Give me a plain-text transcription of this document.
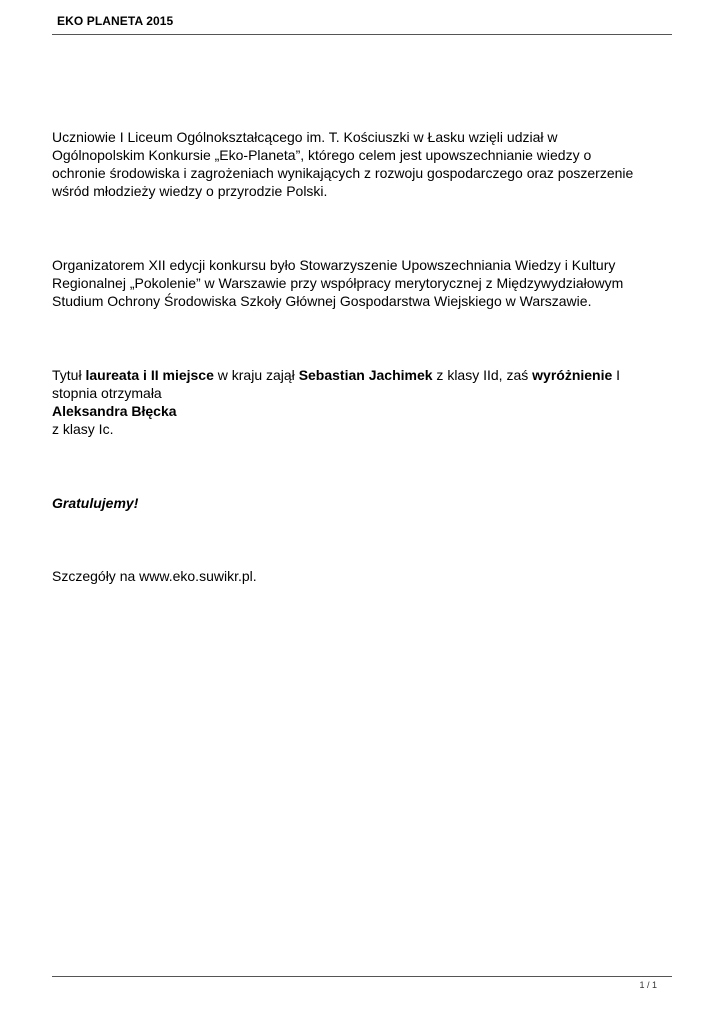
EKO PLANETA 2015

Uczniowie I Liceum Ogólnokształcącego im. T. Kościuszki w Łasku wzięli udział w
Ogólnopolskim Konkursie „Eko-Planeta”, którego celem jest upowszechnianie wiedzy o
ochronie środowiska i zagrożeniach wynikających z rozwoju gospodarczego oraz poszerzenie
wśród młodzieży wiedzy o przyrodzie Polski.

Organizatorem XII edycji konkursu było Stowarzyszenie Upowszechniania Wiedzy i Kultury
Regionalnej „Pokolenie” w Warszawie przy współpracy merytorycznej z Międzywydziałowym
Studium Ochrony Środowiska Szkoły Głównej Gospodarstwa Wiejskiego w Warszawie.

Tytuł laureata i II miejsce w kraju zajął Sebastian Jachimek z klasy IId, zaś wyróżnienie I
stopnia otrzymała
Aleksandra Błęcka
z klasy Ic.

Gratulujemy!

Szczegóły na www.eko.suwikr.pl.

1 / 1
